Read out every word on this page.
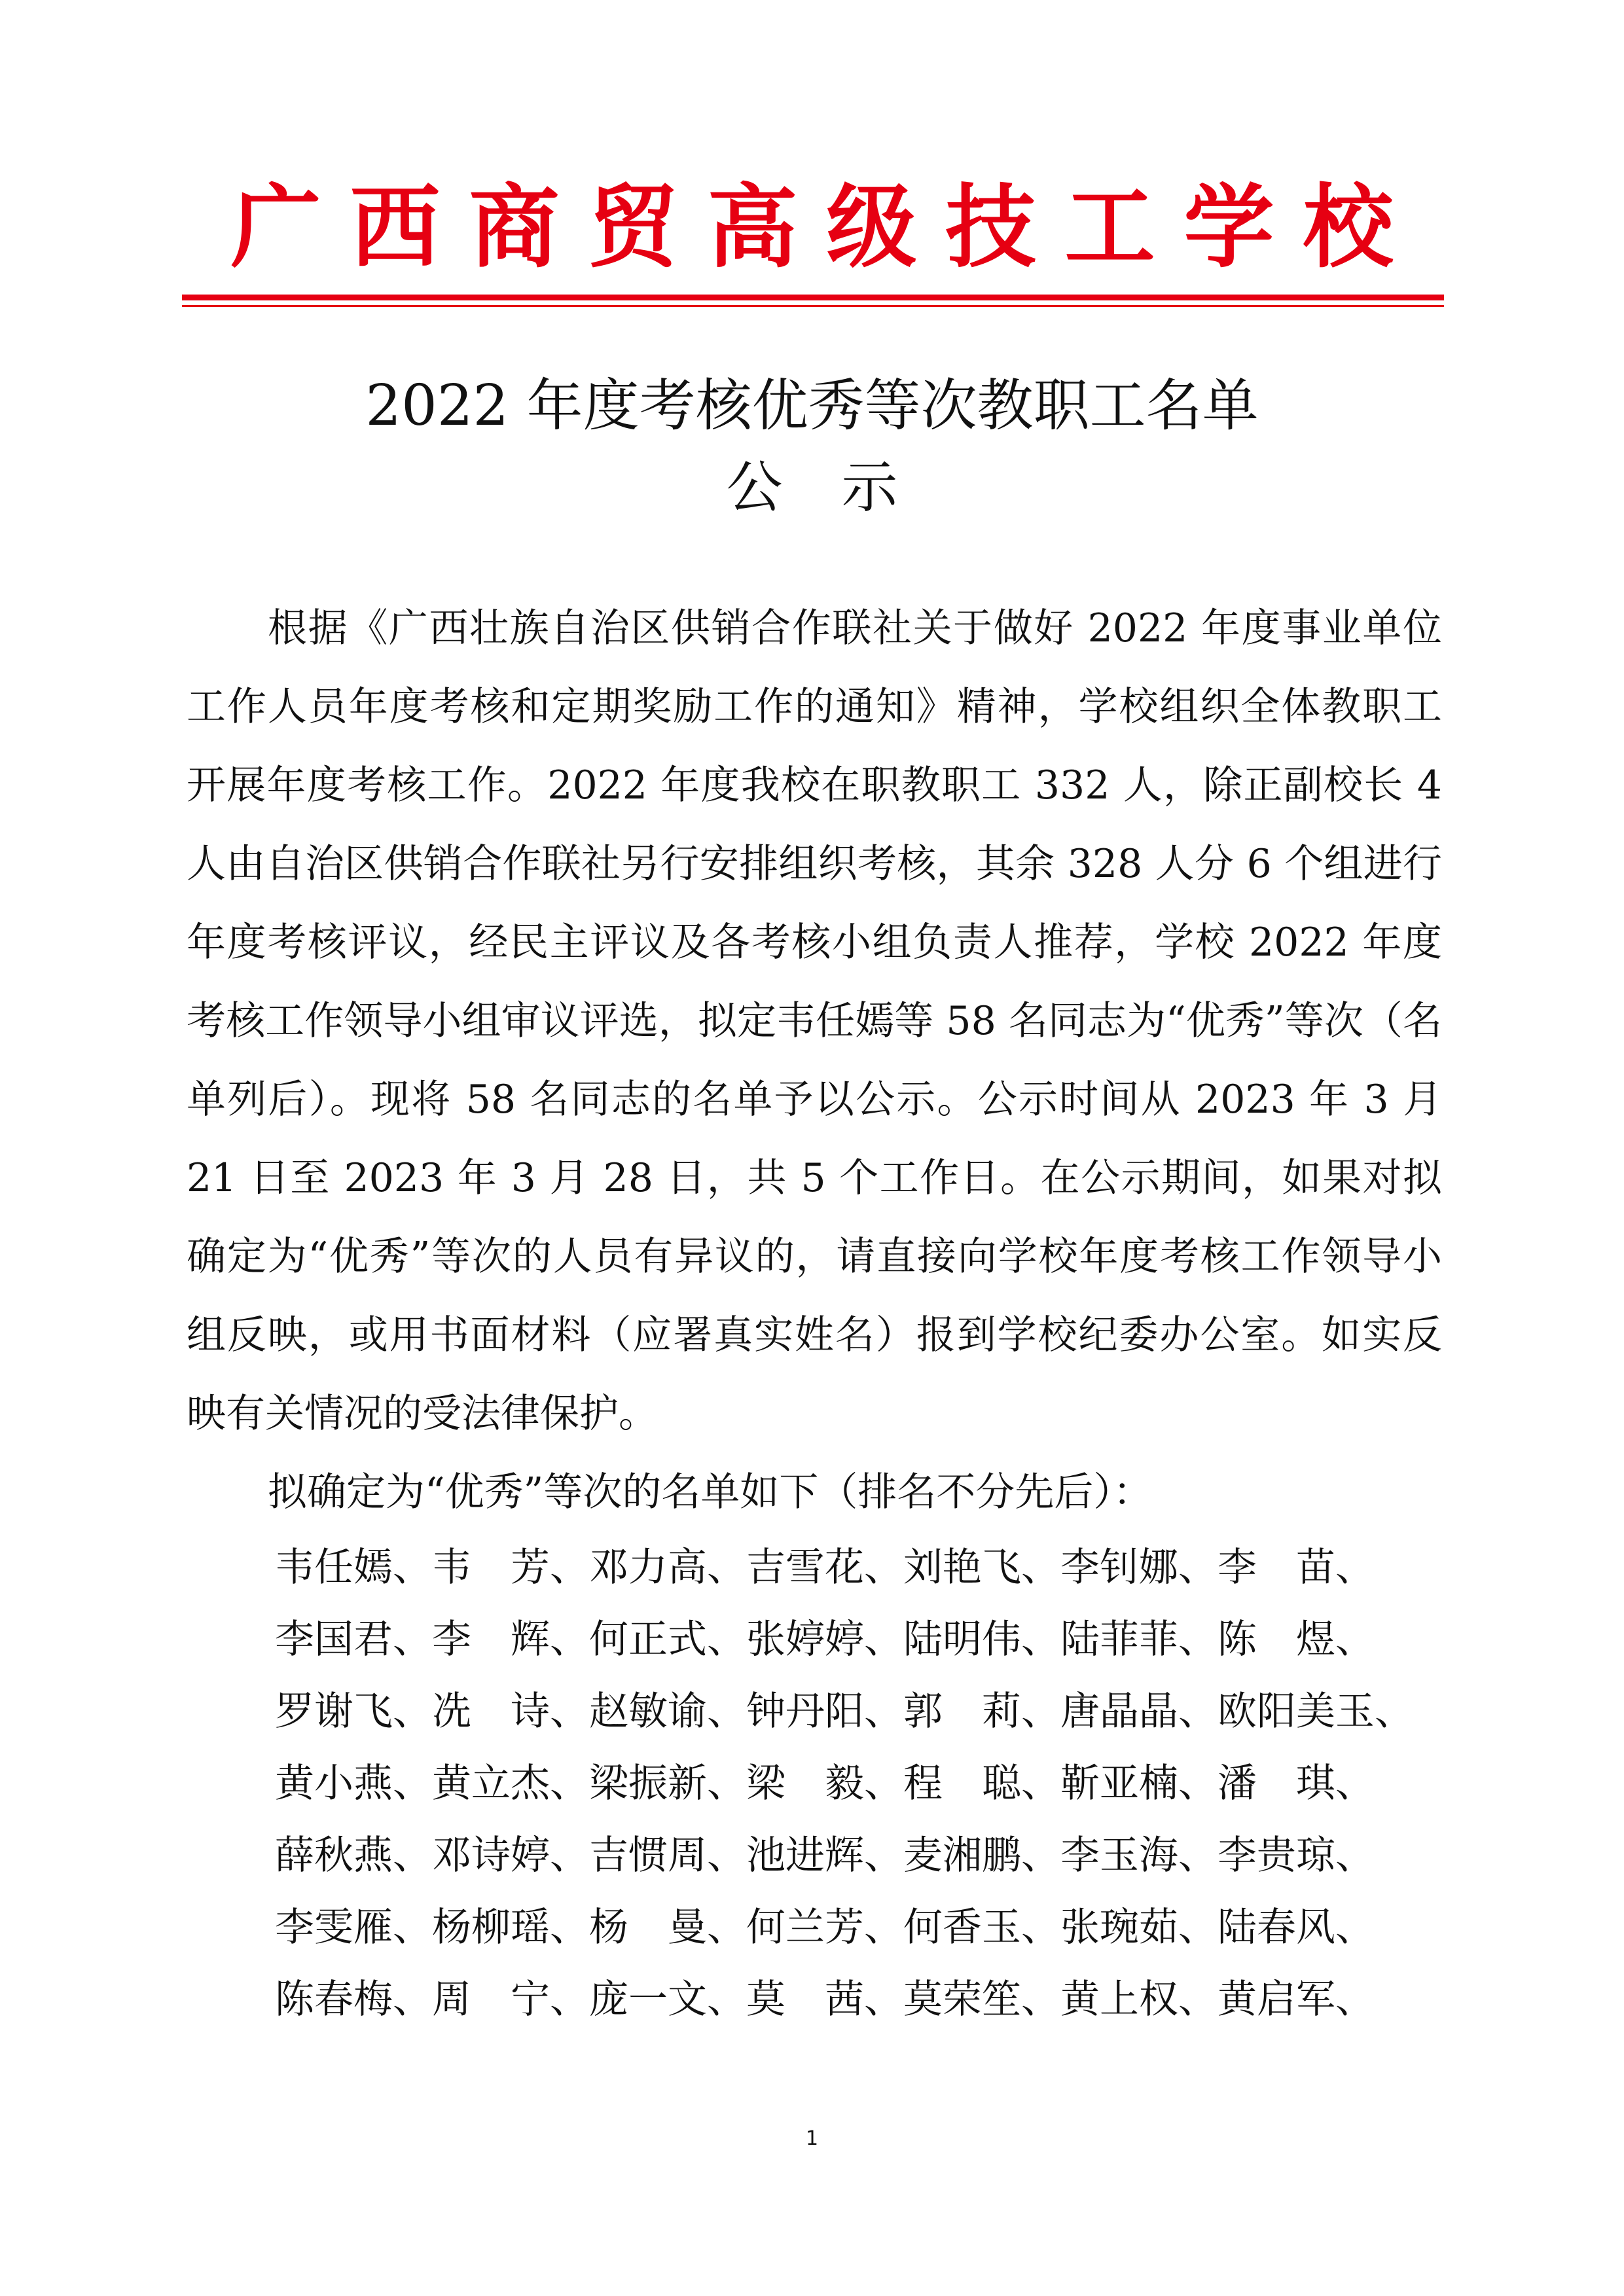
广西商贸高级技工学校
2022 年度考核优秀等次教职工名单
公示

根据《广西壮族自治区供销合作联社关于做好 2022 年度事业单位工作人员年度考核和定期奖励工作的通知》精神，学校组织全体教职工开展年度考核工作。2022 年度我校在职教职工 332 人，除正副校长 4 人由自治区供销合作联社另行安排组织考核，其余 328 人分 6 个组进行年度考核评议，经民主评议及各考核小组负责人推荐，学校 2022 年度考核工作领导小组审议评选，拟定韦任嫣等 58 名同志为“优秀”等次（名单列后）。现将 58 名同志的名单予以公示。公示时间从 2023 年 3 月 21 日至 2023 年 3 月 28 日，共 5 个工作日。在公示期间，如果对拟确定为“优秀”等次的人员有异议的，请直接向学校年度考核工作领导小组反映，或用书面材料（应署真实姓名）报到学校纪委办公室。如实反映有关情况的受法律保护。

拟确定为“优秀”等次的名单如下（排名不分先后）：

韦任嫣、韦　芳、邓力高、吉雪花、刘艳飞、李钊娜、李　苗、
李国君、李　辉、何正式、张婷婷、陆明伟、陆菲菲、陈　煜、
罗谢飞、冼　诗、赵敏谕、钟丹阳、郭　莉、唐晶晶、欧阳美玉、
黄小燕、黄立杰、梁振新、梁　毅、程　聪、靳亚楠、潘　琪、
薛秋燕、邓诗婷、吉惯周、池进辉、麦湘鹏、李玉海、李贵琼、
李雯雁、杨柳瑶、杨　曼、何兰芳、何香玉、张琬茹、陆春风、
陈春梅、周　宁、庞一文、莫　茜、莫荣笙、黄上权、黄启军、

1
